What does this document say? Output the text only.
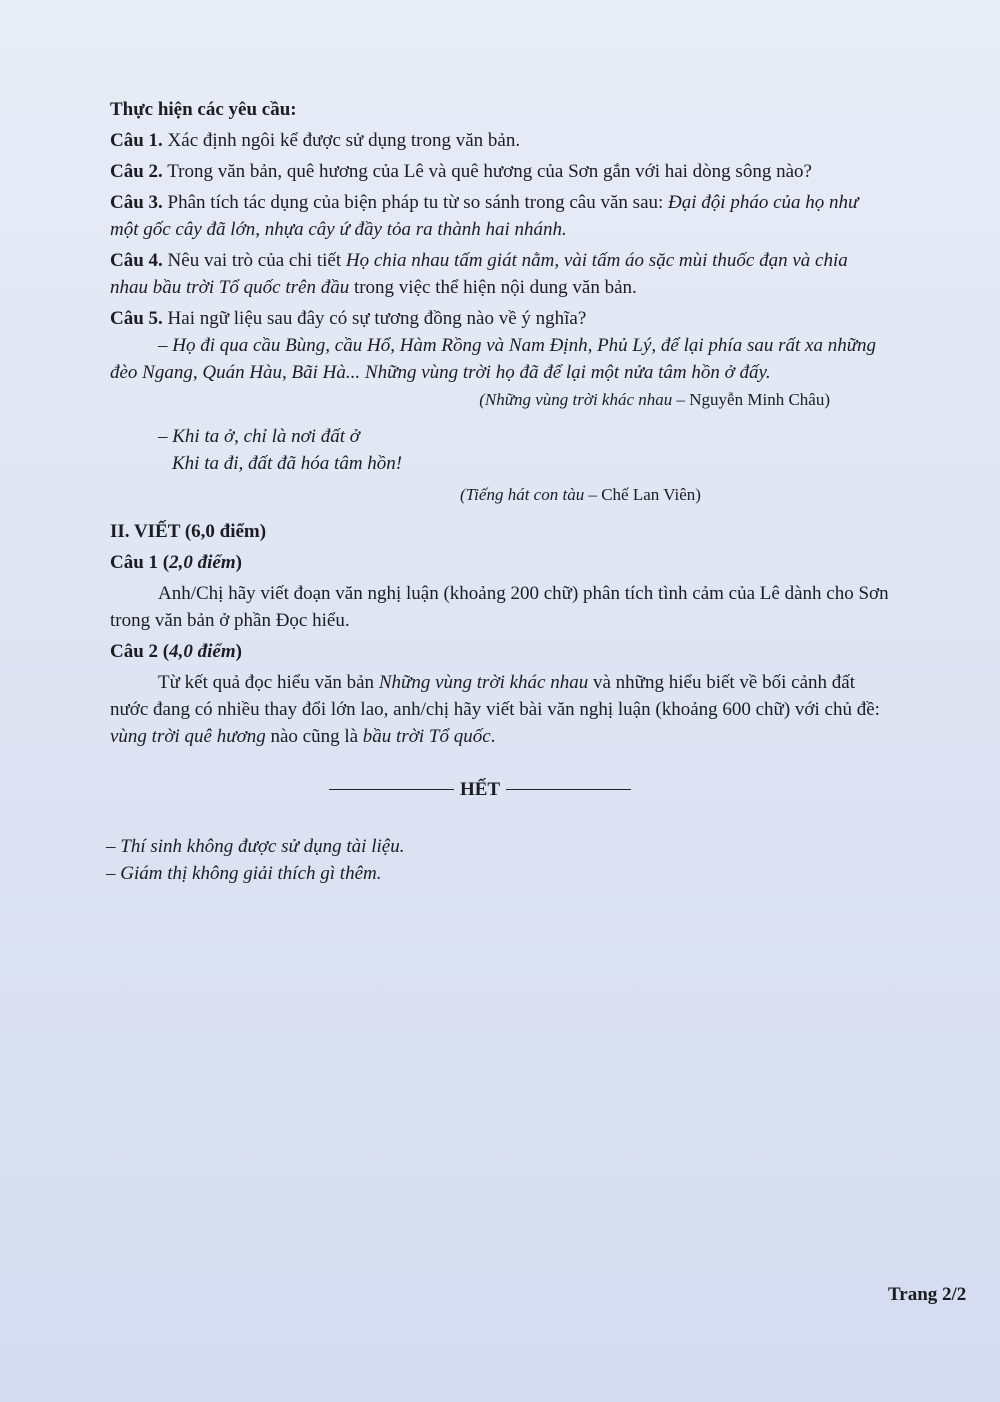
Thực hiện các yêu cầu:

Câu 1. Xác định ngôi kể được sử dụng trong văn bản.

Câu 2. Trong văn bản, quê hương của Lê và quê hương của Sơn gắn với hai dòng sông nào?

Câu 3. Phân tích tác dụng của biện pháp tu từ so sánh trong câu văn sau: Đại đội pháo của họ như

một gốc cây đã lớn, nhựa cây ứ đầy tỏa ra thành hai nhánh.

Câu 4. Nêu vai trò của chi tiết Họ chia nhau tấm giát nằm, vài tấm áo sặc mùi thuốc đạn và chia

nhau bầu trời Tổ quốc trên đầu trong việc thể hiện nội dung văn bản.

Câu 5. Hai ngữ liệu sau đây có sự tương đồng nào về ý nghĩa?

– Họ đi qua cầu Bùng, cầu Hổ, Hàm Rồng và Nam Định, Phủ Lý, để lại phía sau rất xa những

đèo Ngang, Quán Hàu, Bãi Hà... Những vùng trời họ đã để lại một nửa tâm hồn ở đấy.

(Những vùng trời khác nhau – Nguyễn Minh Châu)

– Khi ta ở, chỉ là nơi đất ở

Khi ta đi, đất đã hóa tâm hồn!

(Tiếng hát con tàu – Chế Lan Viên)

II. VIẾT (6,0 điểm)

Câu 1 (2,0 điểm)

Anh/Chị hãy viết đoạn văn nghị luận (khoảng 200 chữ) phân tích tình cảm của Lê dành cho Sơn

trong văn bản ở phần Đọc hiểu.

Câu 2 (4,0 điểm)

Từ kết quả đọc hiểu văn bản Những vùng trời khác nhau và những hiểu biết về bối cảnh đất

nước đang có nhiều thay đổi lớn lao, anh/chị hãy viết bài văn nghị luận (khoảng 600 chữ) với chủ đề:

vùng trời quê hương nào cũng là bầu trời Tổ quốc.

HẾT

– Thí sinh không được sử dụng tài liệu.

– Giám thị không giải thích gì thêm.

Trang 2/2
